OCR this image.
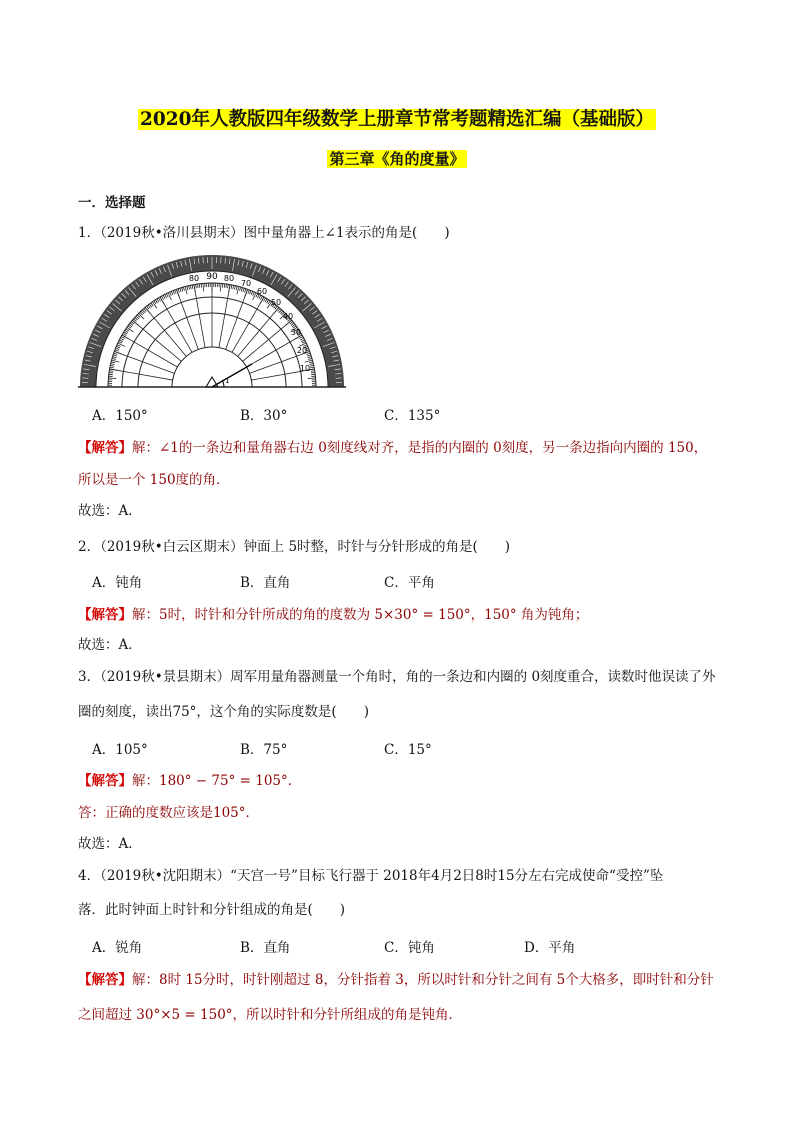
2020年人教版四年级数学上册章节常考题精选汇编（基础版）
第三章《角的度量》
一．选择题
1．（2019秋•洛川县期末）图中量角器上∠1表示的角是(　　)
90
80	80
70
60
50
40
30
20
10
1
A．150°	B．30°	C．135°
【解答】解：∠1的一条边和量角器右边 0刻度线对齐，是指的内圈的 0刻度，另一条边指向内圈的 150，
所以是一个 150度的角．
故选：A．
2．（2019秋•白云区期末）钟面上 5时整，时针与分针形成的角是(　　)
A．钝角	B．直角	C．平角
【解答】解：5时，时针和分针所成的角的度数为 5×30° = 150°，150° 角为钝角；
故选：A．
3．（2019秋•景县期末）周军用量角器测量一个角时，角的一条边和内圈的 0刻度重合，读数时他误读了外
圈的刻度，读出75°，这个角的实际度数是(　　)
A．105°	B．75°	C．15°
【解答】解：180° − 75° = 105°．
答：正确的度数应该是105°．
故选：A．
4．（2019秋•沈阳期末）“天宫一号”目标飞行器于 2018年4月2日8时15分左右完成使命“受控”坠
落．此时钟面上时针和分针组成的角是(　　)
A．锐角	B．直角	C．钝角	D．平角
【解答】解：8时 15分时，时针刚超过 8，分针指着 3，所以时针和分针之间有 5个大格多，即时针和分针
之间超过 30°×5 = 150°，所以时针和分针所组成的角是钝角．
